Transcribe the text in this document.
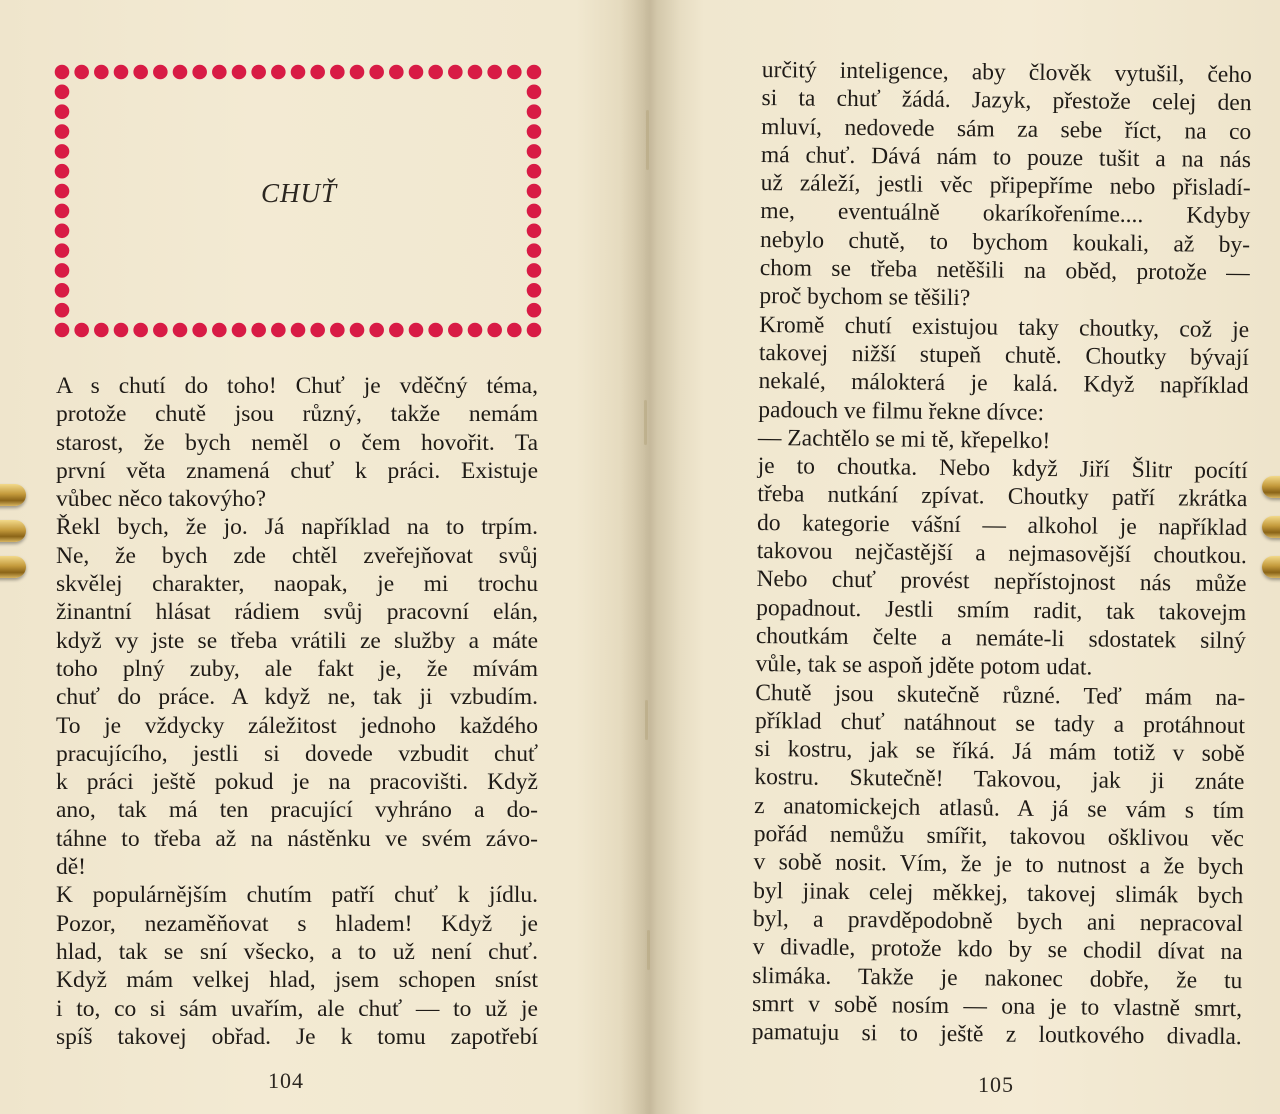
CHUŤ
A s chutí do toho! Chuť je vděčný téma,
protože chutě jsou různý, takže nemám
starost, že bych neměl o čem hovořit. Ta
první věta znamená chuť k práci. Existuje
vůbec něco takovýho?
Řekl bych, že jo. Já například na to trpím.
Ne, že bych zde chtěl zveřejňovat svůj
skvělej charakter, naopak, je mi trochu
žinantní hlásat rádiem svůj pracovní elán,
když vy jste se třeba vrátili ze služby a máte
toho plný zuby, ale fakt je, že mívám
chuť do práce. A když ne, tak ji vzbudím.
To je vždycky záležitost jednoho každého
pracujícího, jestli si dovede vzbudit chuť
k práci ještě pokud je na pracovišti. Když
ano, tak má ten pracující vyhráno a do-
táhne to třeba až na nástěnku ve svém závo-
dě!
K populárnějším chutím patří chuť k jídlu.
Pozor, nezaměňovat s hladem! Když je
hlad, tak se sní všecko, a to už není chuť.
Když mám velkej hlad, jsem schopen sníst
i to, co si sám uvařím, ale chuť — to už je
spíš takovej obřad. Je k tomu zapotřebí
104
určitý inteligence, aby člověk vytušil, čeho
si ta chuť žádá. Jazyk, přestože celej den
mluví, nedovede sám za sebe říct, na co
má chuť. Dává nám to pouze tušit a na nás
už záleží, jestli věc připepříme nebo přisladí-
me, eventuálně okaríkořeníme.... Kdyby
nebylo chutě, to bychom koukali, až by-
chom se třeba netěšili na oběd, protože —
proč bychom se těšili?
Kromě chutí existujou taky choutky, což je
takovej nižší stupeň chutě. Choutky bývají
nekalé, málokterá je kalá. Když například
padouch ve filmu řekne dívce:
— Zachtělo se mi tě, křepelko!
je to choutka. Nebo když Jiří Šlitr pocítí
třeba nutkání zpívat. Choutky patří zkrátka
do kategorie vášní — alkohol je například
takovou nejčastější a nejmasovější choutkou.
Nebo chuť provést nepřístojnost nás může
popadnout. Jestli smím radit, tak takovejm
choutkám čelte a nemáte-li sdostatek silný
vůle, tak se aspoň jděte potom udat.
Chutě jsou skutečně různé. Teď mám na-
příklad chuť natáhnout se tady a protáhnout
si kostru, jak se říká. Já mám totiž v sobě
kostru. Skutečně! Takovou, jak ji znáte
z anatomickejch atlasů. A já se vám s tím
pořád nemůžu smířit, takovou ošklivou věc
v sobě nosit. Vím, že je to nutnost a že bych
byl jinak celej měkkej, takovej slimák bych
byl, a pravděpodobně bych ani nepracoval
v divadle, protože kdo by se chodil dívat na
slimáka. Takže je nakonec dobře, že tu
smrt v sobě nosím — ona je to vlastně smrt,
pamatuju si to ještě z loutkového divadla.
105
